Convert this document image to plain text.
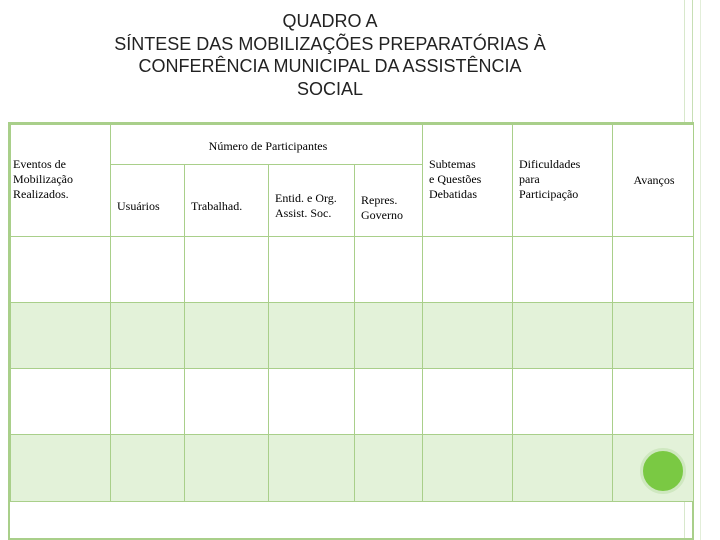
QUADRO A
SÍNTESE DAS MOBILIZAÇÕES PREPARATÓRIAS À
CONFERÊNCIA MUNICIPAL DA ASSISTÊNCIA
SOCIAL
Eventos de
Mobilização
Realizados.
Número de Participantes
Usuários	Trabalhad.
Entid. e Org.
Assist. Soc.
Repres.
Governo
Subtemas
e Questões
Debatidas
Dificuldades
para
Participação
Avanços
